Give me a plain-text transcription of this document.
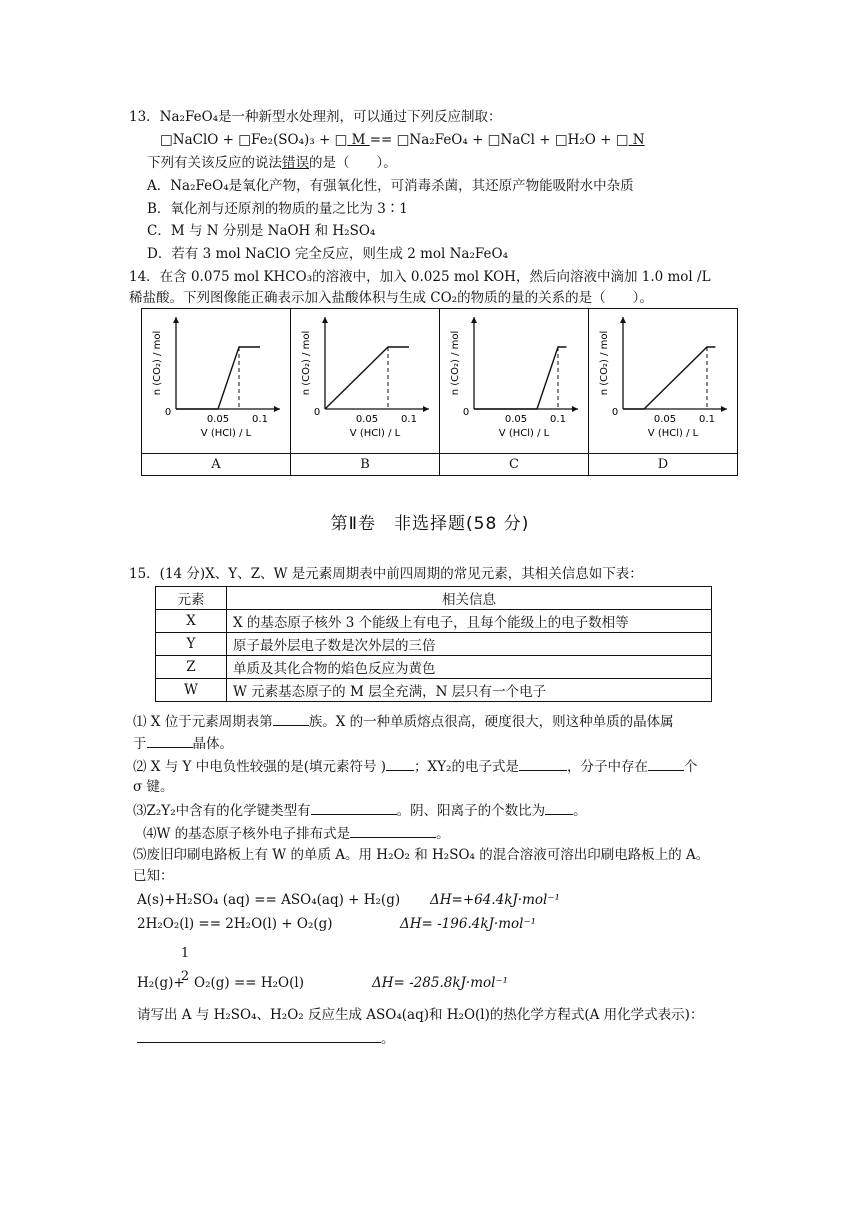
13．Na₂FeO₄是一种新型水处理剂，可以通过下列反应制取：
□NaClO + □Fe₂(SO₄)₃ + □ M == □Na₂FeO₄ + □NaCl + □H₂O + □ N
下列有关该反应的说法错误的是（　　）。
A．Na₂FeO₄是氧化产物，有强氧化性，可消毒杀菌，其还原产物能吸附水中杂质
B．氧化剂与还原剂的物质的量之比为 3∶1
C．M 与 N 分别是 NaOH 和 H₂SO₄
D．若有 3 mol NaClO 完全反应，则生成 2 mol Na₂FeO₄
14．在含 0.075 mol KHCO₃的溶液中，加入 0.025 mol KOH，然后向溶液中滴加 1.0 mol /L
稀盐酸。下列图像能正确表示加入盐酸体积与生成 CO₂的物质的量的关系的是（　　）。
0
0.05 0.1
V (HCl) / L
n (CO₂) / mol	0
0.05 0.1
V (HCl) / L
n (CO₂) / mol	0
0.05 0.1
V (HCl) / L
n (CO₂) / mol	0
0.05 0.1
V (HCl) / L
n (CO₂) / mol

A	B	C	D
第Ⅱ卷　非选择题(58 分)
15．(14 分)X、Y、Z、W 是元素周期表中前四周期的常见元素，其相关信息如下表：
元素	相关信息
X	X 的基态原子核外 3 个能级上有电子，且每个能级上的电子数相等
Y	原子最外层电子数是次外层的三倍
Z	单质及其化合物的焰色反应为黄色
W	W 元素基态原子的 M 层全充满，N 层只有一个电子
⑴ X 位于元素周期表第	族。X 的一种单质熔点很高，硬度很大，则这种单质的晶体属
于	晶体。
⑵ X 与 Y 中电负性较强的是(填元素符号 ) ；XY₂的电子式是	，分子中存在	个
σ 键。
⑶Z₂Y₂中含有的化学键类型有	。阴、阳离子的个数比为 。
⑷W 的基态原子核外电子排布式是	。
⑸废旧印刷电路板上有 W 的单质 A。用 H₂O₂ 和 H₂SO₄ 的混合溶液可溶出印刷电路板上的 A。
已知：
A(s)+H₂SO₄ (aq) == ASO₄(aq) + H₂(g) ΔH=+64.4kJ·mol⁻¹
2H₂O₂(l) == 2H₂O(l) + O₂(g)	ΔH= -196.4kJ·mol⁻¹
1
2
H₂(g)+ O₂(g) == H₂O(l)	ΔH= -285.8kJ·mol⁻¹
请写出 A 与 H₂SO₄、H₂O₂ 反应生成 ASO₄(aq)和 H₂O(l)的热化学方程式(A 用化学式表示)：
。
